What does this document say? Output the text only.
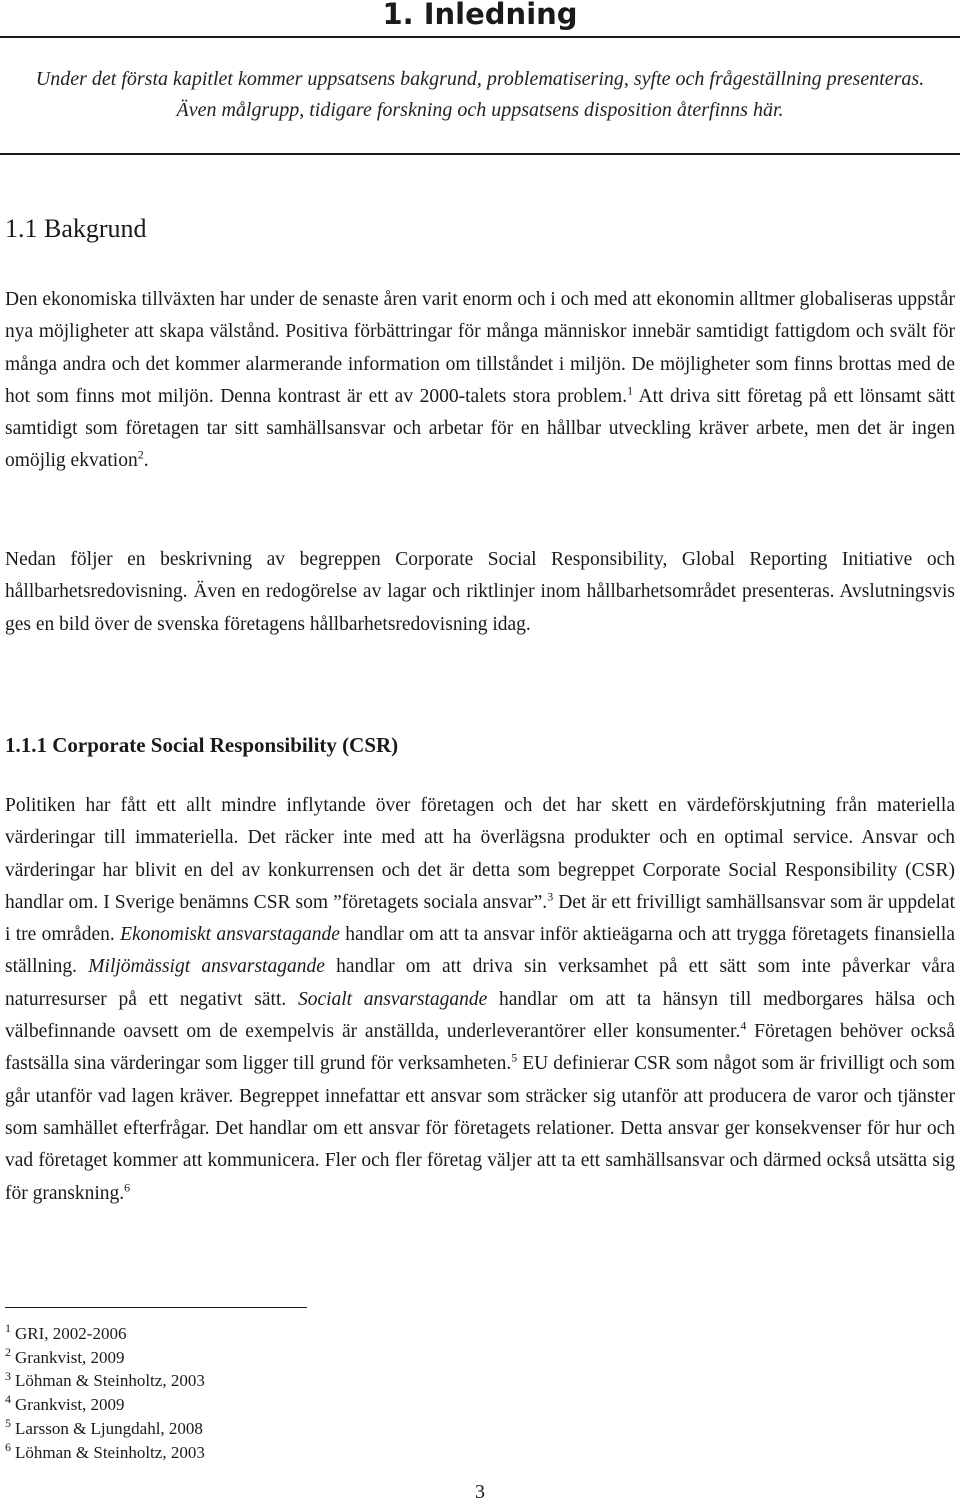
1. Inledning

Under det första kapitlet kommer uppsatsens bakgrund, problematisering, syfte och frågeställning presenteras.
Även målgrupp, tidigare forskning och uppsatsens disposition återfinns här.

1.1 Bakgrund

Den ekonomiska tillväxten har under de senaste åren varit enorm och i och med att ekonomin alltmer globaliseras uppstår nya möjligheter att skapa välstånd. Positiva förbättringar för många människor innebär samtidigt fattigdom och svält för många andra och det kommer alarmerande information om tillståndet i miljön. De möjligheter som finns brottas med de hot som finns mot miljön. Denna kontrast är ett av 2000-talets stora problem.$^1$ Att driva sitt företag på ett lönsamt sätt samtidigt som företagen tar sitt samhällsansvar och arbetar för en hållbar utveckling kräver arbete, men det är ingen omöjlig ekvation$^2$.

Nedan följer en beskrivning av begreppen Corporate Social Responsibility, Global Reporting Initiative och hållbarhetsredovisning. Även en redogörelse av lagar och riktlinjer inom hållbarhetsområdet presenteras. Avslutningsvis ges en bild över de svenska företagens hållbarhetsredovisning idag.

1.1.1 Corporate Social Responsibility (CSR)

Politiken har fått ett allt mindre inflytande över företagen och det har skett en värdeförskjutning från materiella värderingar till immateriella. Det räcker inte med att ha överlägsna produkter och en optimal service. Ansvar och värderingar har blivit en del av konkurrensen och det är detta som begreppet Corporate Social Responsibility (CSR) handlar om. I Sverige benämns CSR som ”företagets sociala ansvar”.$^3$ Det är ett frivilligt samhällsansvar som är uppdelat i tre områden. Ekonomiskt ansvarstagande handlar om att ta ansvar inför aktieägarna och att trygga företagets finansiella ställning. Miljömässigt ansvarstagande handlar om att driva sin verksamhet på ett sätt som inte påverkar våra naturresurser på ett negativt sätt. Socialt ansvarstagande handlar om att ta hänsyn till medborgares hälsa och välbefinnande oavsett om de exempelvis är anställda, underleverantörer eller konsumenter.$^4$ Företagen behöver också fastsälla sina värderingar som ligger till grund för verksamheten.$^5$ EU definierar CSR som något som är frivilligt och som går utanför vad lagen kräver. Begreppet innefattar ett ansvar som sträcker sig utanför att producera de varor och tjänster som samhället efterfrågar. Det handlar om ett ansvar för företagets relationer. Detta ansvar ger konsekvenser för hur och vad företaget kommer att kommunicera. Fler och fler företag väljer att ta ett samhällsansvar och därmed också utsätta sig för granskning.$^6$

$^1$ GRI, 2002-2006
$^2$ Grankvist, 2009
$^3$ Löhman & Steinholtz, 2003
$^4$ Grankvist, 2009
$^5$ Larsson & Ljungdahl, 2008
$^6$ Löhman & Steinholtz, 2003
3
